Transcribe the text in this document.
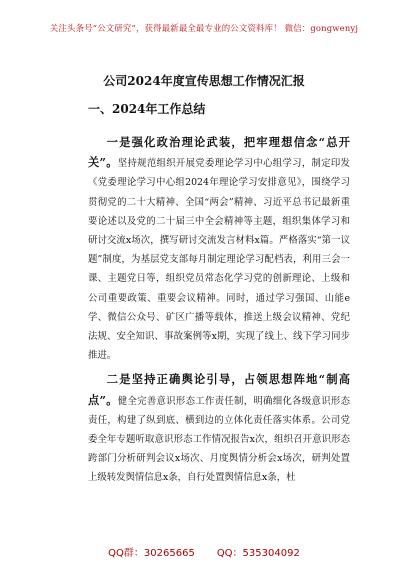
关注头条号“公文研究”，获得最新最全最专业的公文资料库！ 微信：gongwenyj
公司2024年度宣传思想工作情况汇报
一、2024年工作总结

一是强化政治理论武装，把牢理想信念“总开关”。坚持规范组织开展党委理论学习中心组学习，制定印发《党委理论学习中心组2024年理论学习安排意见》，围绕学习贯彻党的二十大精神、全国“两会”精神、习近平总书记最新重要论述以及党的二十届三中全会精神等主题，组织集体学习和研讨交流x场次，撰写研讨交流发言材料x篇。严格落实“第一议题”制度，为基层党支部每月制定理论学习配档表，利用三会一课、主题党日等，组织党员常态化学习党的创新理论、上级和公司重要政策、重要会议精神。同时，通过学习强国、山能e学、微信公众号、矿区广播等载体，推送上级会议精神、党纪法规、安全知识、事故案例等x期，实现了线上、线下学习同步推进。

二是坚持正确舆论引导，占领思想阵地“制高点”。健全完善意识形态工作责任制，明确细化各级意识形态责任，构建了纵到底、横到边的立体化责任落实体系。公司党委全年专题听取意识形态工作情况报告x次，组织召开意识形态跨部门分析研判会议x场次、月度舆情分析会x场次，研判处置上级转发舆情信息x条，自行处置舆情信息x条，杜

QQ群：30265665 QQ：535304092
